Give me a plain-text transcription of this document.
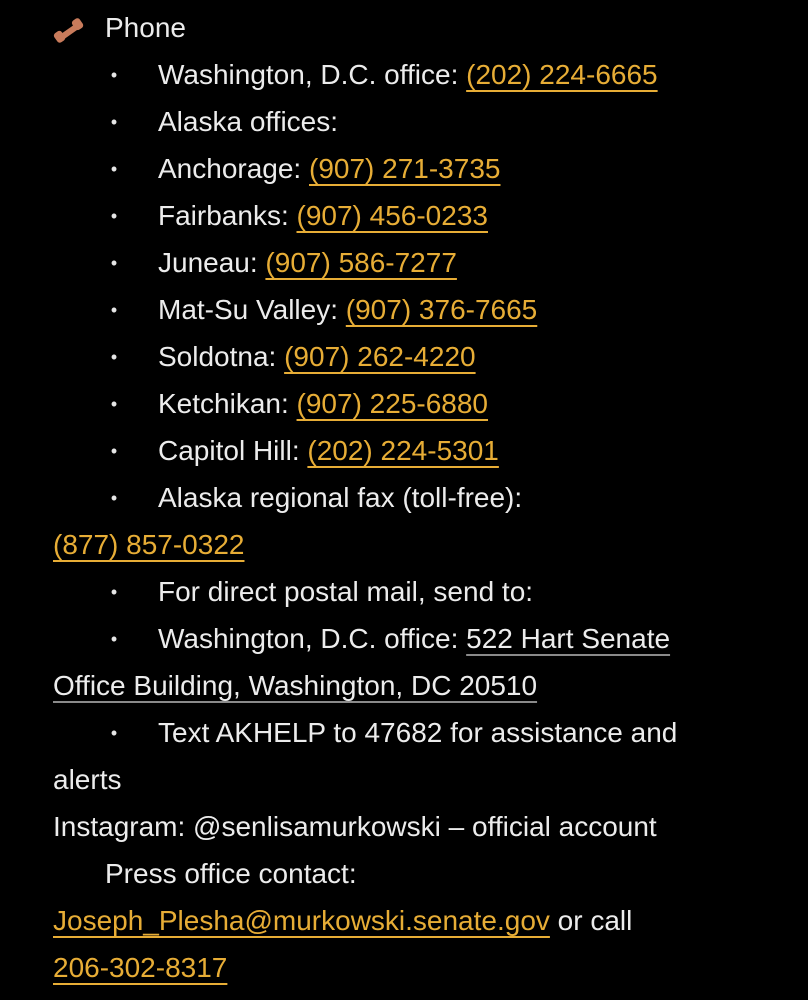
Phone
• Washington, D.C. office: (202) 224-6665
• Alaska offices:
• Anchorage: (907) 271-3735
• Fairbanks: (907) 456-0233
• Juneau: (907) 586-7277
• Mat-Su Valley: (907) 376-7665
• Soldotna: (907) 262-4220
• Ketchikan: (907) 225-6880
• Capitol Hill: (202) 224-5301
• Alaska regional fax (toll-free):
(877) 857-0322
• For direct postal mail, send to:
• Washington, D.C. office: 522 Hart Senate
Office Building, Washington, DC 20510
• Text AKHELP to 47682 for assistance and
alerts
Instagram: @senlisamurkowski – official account
Press office contact:
Joseph_Plesha@murkowski.senate.gov or call
206-302-8317
